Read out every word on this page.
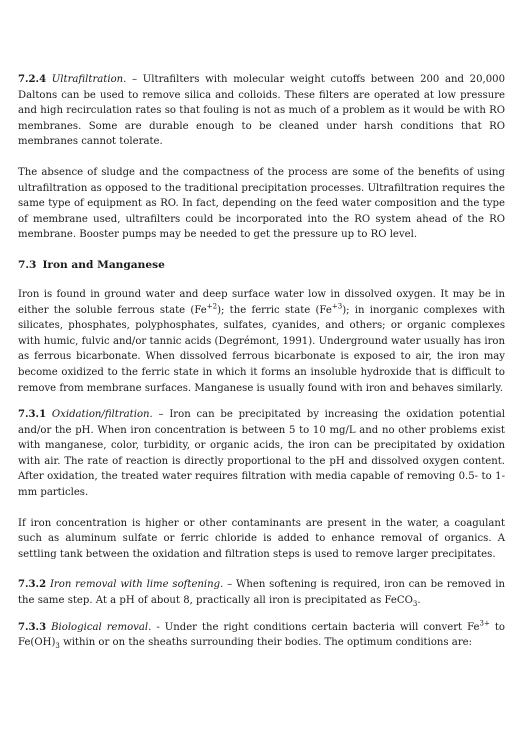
7.2.4 Ultrafiltration. – Ultrafilters with molecular weight cutoffs between 200 and 20,000 Daltons can be used to remove silica and colloids. These filters are operated at low pressure and high recirculation rates so that fouling is not as much of a problem as it would be with RO membranes. Some are durable enough to be cleaned under harsh conditions that RO membranes cannot tolerate.

The absence of sludge and the compactness of the process are some of the benefits of using ultrafiltration as opposed to the traditional precipitation processes. Ultrafiltration requires the same type of equipment as RO. In fact, depending on the feed water composition and the type of membrane used, ultrafilters could be incorporated into the RO system ahead of the RO membrane. Booster pumps may be needed to get the pressure up to RO level.

7.3 Iron and Manganese

Iron is found in ground water and deep surface water low in dissolved oxygen. It may be in either the soluble ferrous state $(Fe^{+2})$; the ferric state $(Fe^{+3})$; in inorganic complexes with silicates, phosphates, polyphosphates, sulfates, cyanides, and others; or organic complexes with humic, fulvic and/or tannic acids (Degrémont, 1991). Underground water usually has iron as ferrous bicarbonate. When dissolved ferrous bicarbonate is exposed to air, the iron may become oxidized to the ferric state in which it forms an insoluble hydroxide that is difficult to remove from membrane surfaces. Manganese is usually found with iron and behaves similarly.

7.3.1 Oxidation/filtration. – Iron can be precipitated by increasing the oxidation potential and/or the pH. When iron concentration is between 5 to 10 mg/L and no other problems exist with manganese, color, turbidity, or organic acids, the iron can be precipitated by oxidation with air. The rate of reaction is directly proportional to the pH and dissolved oxygen content. After oxidation, the treated water requires filtration with media capable of removing 0.5- to 1-mm particles.

If iron concentration is higher or other contaminants are present in the water, a coagulant such as aluminum sulfate or ferric chloride is added to enhance removal of organics. A settling tank between the oxidation and filtration steps is used to remove larger precipitates.

7.3.2 Iron removal with lime softening. – When softening is required, iron can be removed in the same step. At a pH of about 8, practically all iron is precipitated as FeCO$_3$.

7.3.3 Biological removal. - Under the right conditions certain bacteria will convert $Fe^{3+}$ to $Fe(OH)_3$ within or on the sheaths surrounding their bodies. The optimum conditions are:
